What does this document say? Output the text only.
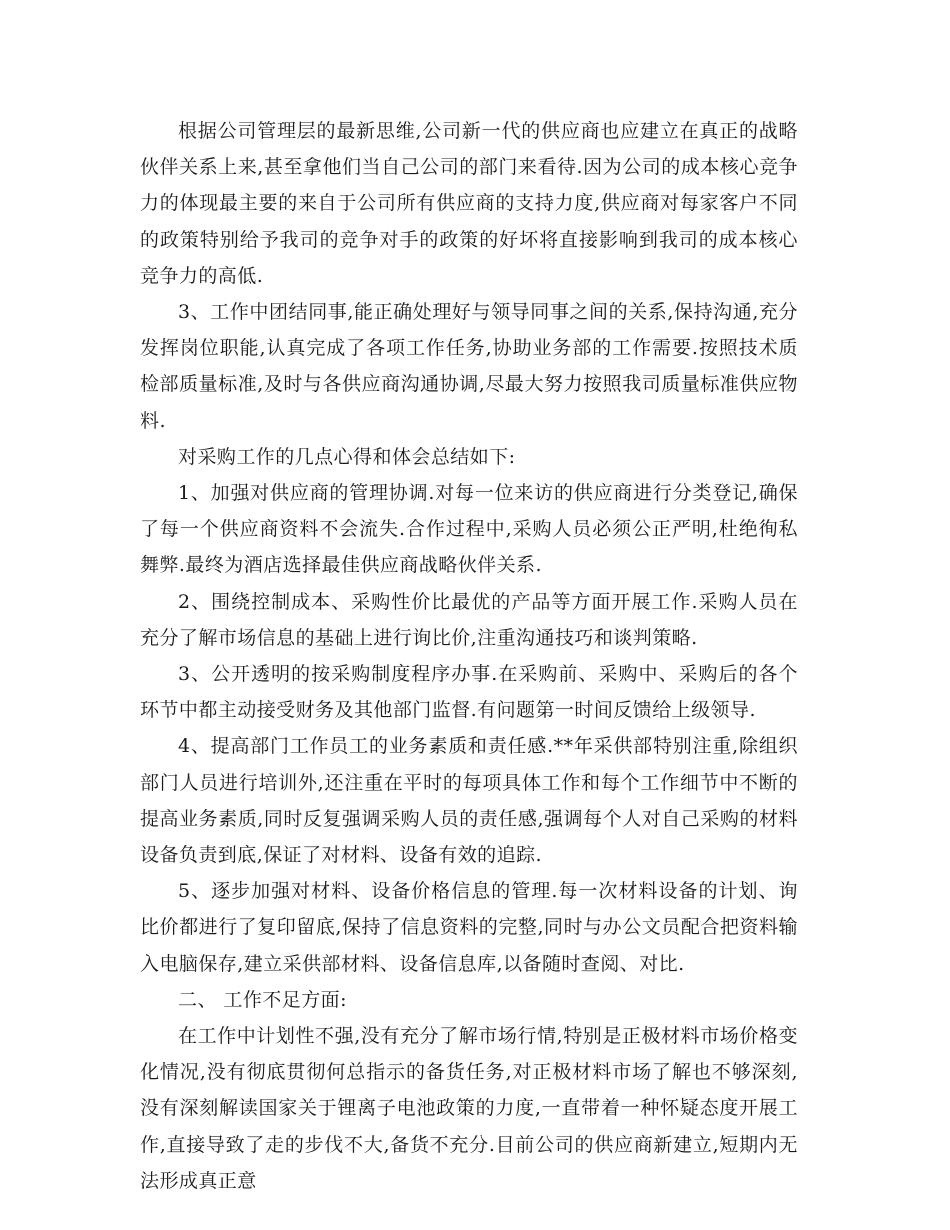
根据公司管理层的最新思维,公司新一代的供应商也应建立在真正的战略伙伴关系上来,甚至拿他们当自己公司的部门来看待.因为公司的成本核心竞争力的体现最主要的来自于公司所有供应商的支持力度,供应商对每家客户不同的政策特别给予我司的竞争对手的政策的好坏将直接影响到我司的成本核心竞争力的高低.

3、工作中团结同事,能正确处理好与领导同事之间的关系,保持沟通,充分发挥岗位职能,认真完成了各项工作任务,协助业务部的工作需要.按照技术质检部质量标准,及时与各供应商沟通协调,尽最大努力按照我司质量标准供应物料.

对采购工作的几点心得和体会总结如下:

1、加强对供应商的管理协调.对每一位来访的供应商进行分类登记,确保了每一个供应商资料不会流失.合作过程中,采购人员必须公正严明,杜绝徇私舞弊.最终为酒店选择最佳供应商战略伙伴关系.

2、围绕控制成本、采购性价比最优的产品等方面开展工作.采购人员在充分了解市场信息的基础上进行询比价,注重沟通技巧和谈判策略.

3、公开透明的按采购制度程序办事.在采购前、采购中、采购后的各个环节中都主动接受财务及其他部门监督.有问题第一时间反馈给上级领导.

4、提高部门工作员工的业务素质和责任感.**年采供部特别注重,除组织部门人员进行培训外,还注重在平时的每项具体工作和每个工作细节中不断的提高业务素质,同时反复强调采购人员的责任感,强调每个人对自己采购的材料设备负责到底,保证了对材料、设备有效的追踪.

5、逐步加强对材料、设备价格信息的管理.每一次材料设备的计划、询比价都进行了复印留底,保持了信息资料的完整,同时与办公文员配合把资料输入电脑保存,建立采供部材料、设备信息库,以备随时查阅、对比.

二、 工作不足方面:

在工作中计划性不强,没有充分了解市场行情,特别是正极材料市场价格变化情况,没有彻底贯彻何总指示的备货任务,对正极材料市场了解也不够深刻,没有深刻解读国家关于锂离子电池政策的力度,一直带着一种怀疑态度开展工作,直接导致了走的步伐不大,备货不充分.目前公司的供应商新建立,短期内无法形成真正意
